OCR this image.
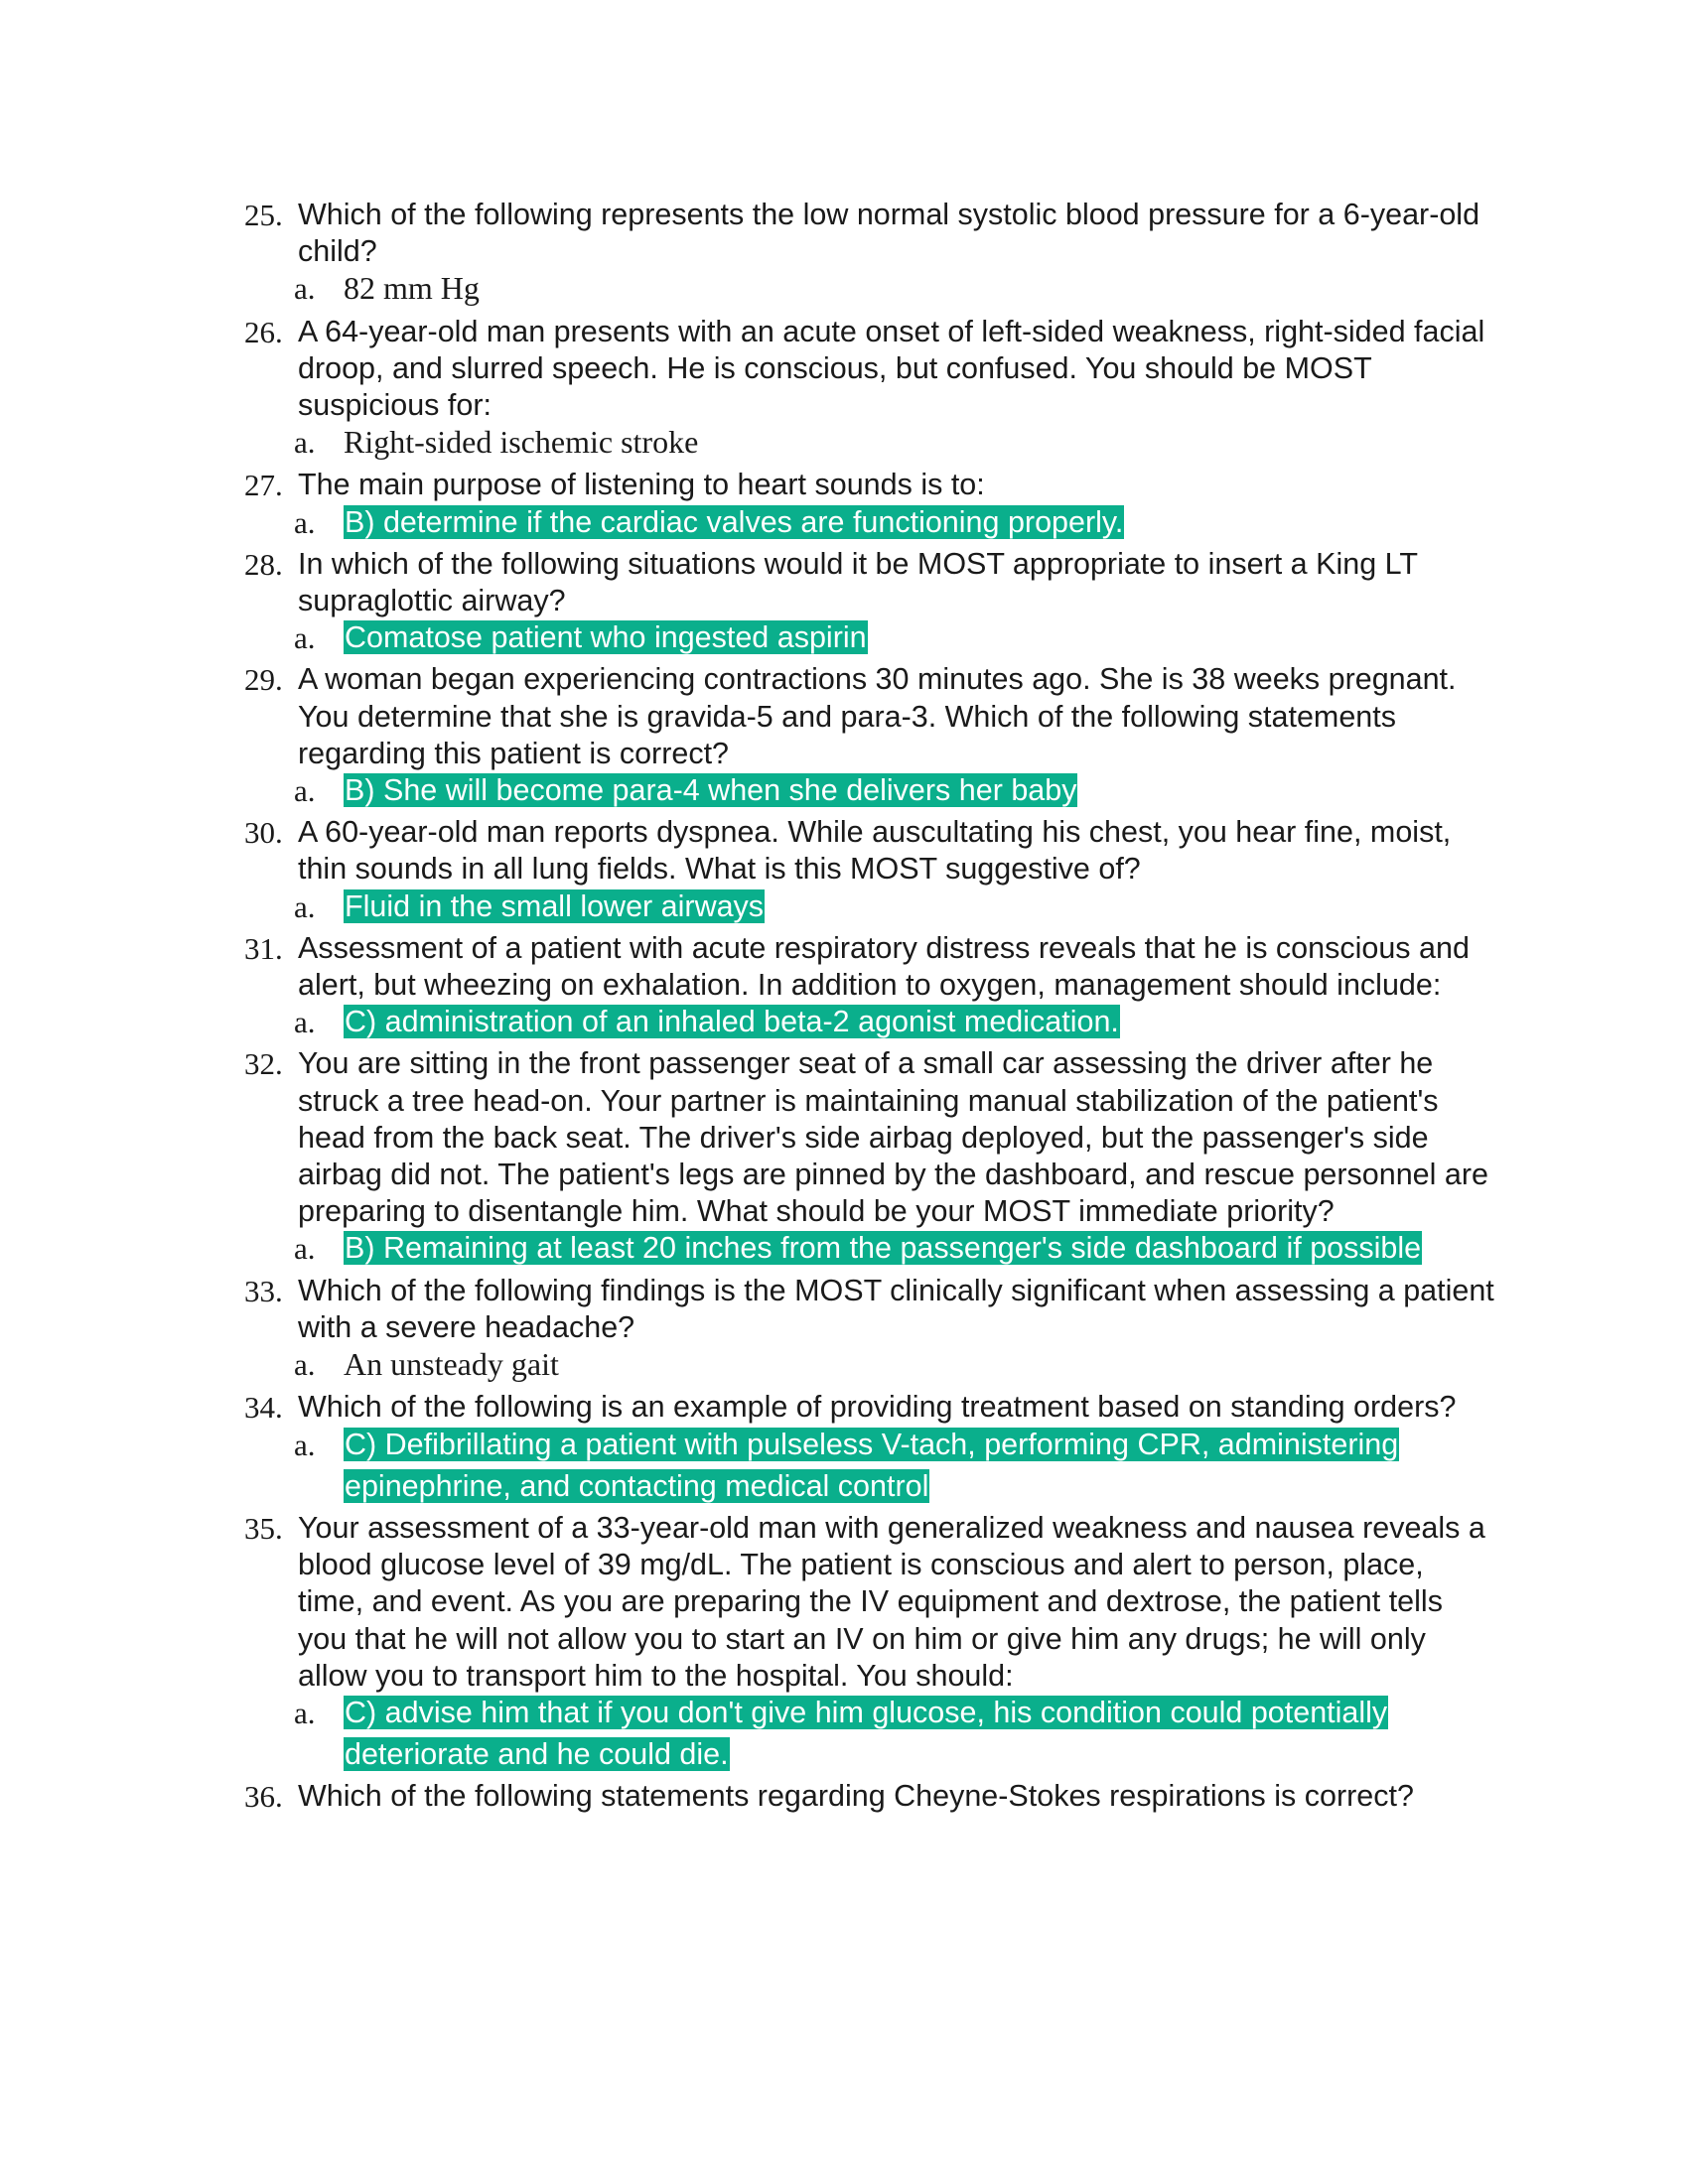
25. Which of the following represents the low normal systolic blood pressure for a 6-year-old child?
a. 82 mm Hg
26. A 64-year-old man presents with an acute onset of left-sided weakness, right-sided facial droop, and slurred speech. He is conscious, but confused. You should be MOST suspicious for:
a. Right-sided ischemic stroke
27. The main purpose of listening to heart sounds is to:
a. B) determine if the cardiac valves are functioning properly.
28. In which of the following situations would it be MOST appropriate to insert a King LT supraglottic airway?
a. Comatose patient who ingested aspirin
29. A woman began experiencing contractions 30 minutes ago. She is 38 weeks pregnant. You determine that she is gravida-5 and para-3. Which of the following statements regarding this patient is correct?
a. B) She will become para-4 when she delivers her baby
30. A 60-year-old man reports dyspnea. While auscultating his chest, you hear fine, moist, thin sounds in all lung fields. What is this MOST suggestive of?
a. Fluid in the small lower airways
31. Assessment of a patient with acute respiratory distress reveals that he is conscious and alert, but wheezing on exhalation. In addition to oxygen, management should include:
a. C) administration of an inhaled beta-2 agonist medication.
32. You are sitting in the front passenger seat of a small car assessing the driver after he struck a tree head-on. Your partner is maintaining manual stabilization of the patient's head from the back seat. The driver's side airbag deployed, but the passenger's side airbag did not. The patient's legs are pinned by the dashboard, and rescue personnel are preparing to disentangle him. What should be your MOST immediate priority?
a. B) Remaining at least 20 inches from the passenger's side dashboard if possible
33. Which of the following findings is the MOST clinically significant when assessing a patient with a severe headache?
a. An unsteady gait
34. Which of the following is an example of providing treatment based on standing orders?
a. C) Defibrillating a patient with pulseless V-tach, performing CPR, administering epinephrine, and contacting medical control
35. Your assessment of a 33-year-old man with generalized weakness and nausea reveals a blood glucose level of 39 mg/dL. The patient is conscious and alert to person, place, time, and event. As you are preparing the IV equipment and dextrose, the patient tells you that he will not allow you to start an IV on him or give him any drugs; he will only allow you to transport him to the hospital. You should:
a. C) advise him that if you don't give him glucose, his condition could potentially deteriorate and he could die.
36. Which of the following statements regarding Cheyne-Stokes respirations is correct?
